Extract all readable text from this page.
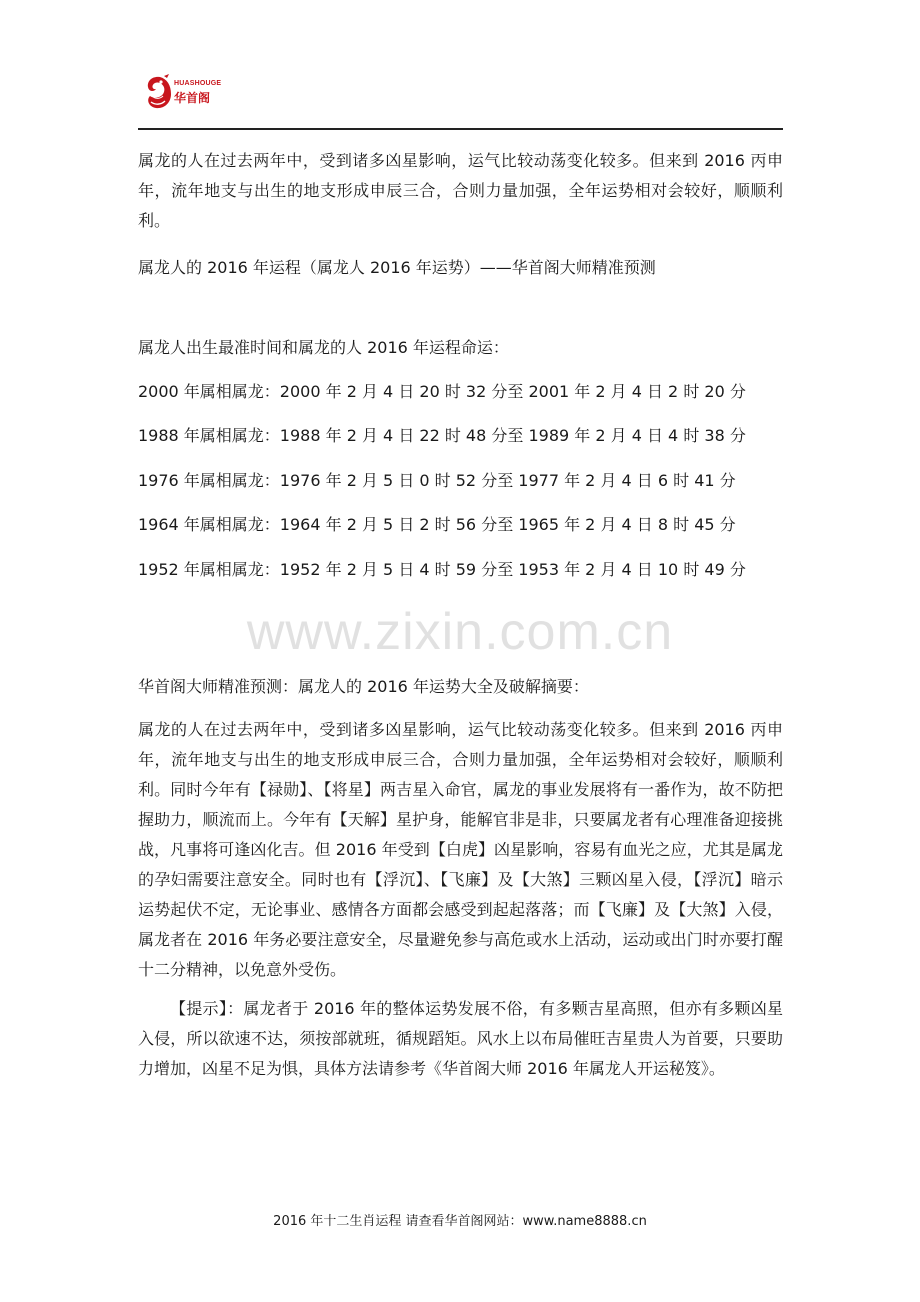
HUASHOUGE
华首阁

属龙的人在过去两年中，受到诸多凶星影响，运气比较动荡变化较多。但来到 2016 丙申年，流年地支与出生的地支形成申辰三合，合则力量加强，全年运势相对会较好，顺顺利利。

属龙人的 2016 年运程（属龙人 2016 年运势）——华首阁大师精准预测

属龙人出生最准时间和属龙的人 2016 年运程命运：

2000 年属相属龙：2000 年 2 月 4 日 20 时 32 分至 2001 年 2 月 4 日 2 时 20 分

1988 年属相属龙：1988 年 2 月 4 日 22 时 48 分至 1989 年 2 月 4 日 4 时 38 分

1976 年属相属龙：1976 年 2 月 5 日 0 时 52 分至 1977 年 2 月 4 日 6 时 41 分

1964 年属相属龙：1964 年 2 月 5 日 2 时 56 分至 1965 年 2 月 4 日 8 时 45 分

1952 年属相属龙：1952 年 2 月 5 日 4 时 59 分至 1953 年 2 月 4 日 10 时 49 分

www.zixin.com.cn

华首阁大师精准预测：属龙人的 2016 年运势大全及破解摘要：

属龙的人在过去两年中，受到诸多凶星影响，运气比较动荡变化较多。但来到 2016 丙申年，流年地支与出生的地支形成申辰三合，合则力量加强，全年运势相对会较好，顺顺利利。同时今年有【禄勋】、【将星】两吉星入命官，属龙的事业发展将有一番作为，故不防把握助力，顺流而上。今年有【天解】星护身，能解官非是非，只要属龙者有心理准备迎接挑战，凡事将可逢凶化吉。但 2016 年受到【白虎】凶星影响，容易有血光之应，尤其是属龙的孕妇需要注意安全。同时也有【浮沉】、【飞廉】及【大煞】三颗凶星入侵，【浮沉】暗示运势起伏不定，无论事业、感情各方面都会感受到起起落落；而【飞廉】及【大煞】入侵，属龙者在 2016 年务必要注意安全，尽量避免参与高危或水上活动，运动或出门时亦要打醒十二分精神，以免意外受伤。

【提示】：属龙者于 2016 年的整体运势发展不俗，有多颗吉星高照，但亦有多颗凶星入侵，所以欲速不达，须按部就班，循规蹈矩。风水上以布局催旺吉星贵人为首要，只要助力增加，凶星不足为惧，具体方法请参考《华首阁大师 2016 年属龙人开运秘笈》。

2016 年十二生肖运程 请查看华首阁网站：www.name8888.cn
